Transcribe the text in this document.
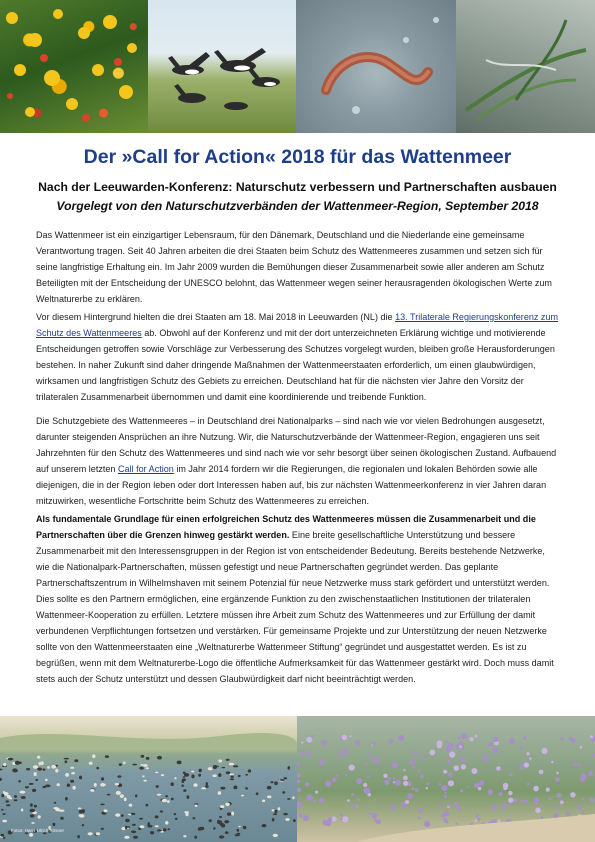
Der »Call for Action« 2018 für das Wattenmeer
Nach der Leeuwarden-Konferenz: Naturschutz verbessern und Partnerschaften ausbauen
Vorgelegt von den Naturschutzverbänden der Wattenmeer-Region, September 2018

Das Wattenmeer ist ein einzigartiger Lebensraum, für den Dänemark, Deutschland und die Niederlande eine gemeinsame Verantwortung tragen. Seit 40 Jahren arbeiten die drei Staaten beim Schutz des Wattenmeeres zusammen und setzen sich für seine langfristige Erhaltung ein. Im Jahr 2009 wurden die Bemühungen dieser Zusammenarbeit sowie aller anderen am Schutz Beteiligten mit der Entscheidung der UNESCO belohnt, das Wattenmeer wegen seiner herausragenden ökologischen Werte zum Weltnaturerbe zu erklären.

Vor diesem Hintergrund hielten die drei Staaten am 18. Mai 2018 in Leeuwarden (NL) die 13. Trilaterale Regierungskonferenz zum Schutz des Wattenmeeres ab. Obwohl auf der Konferenz und mit der dort unterzeichneten Erklärung wichtige und motivierende Entscheidungen getroffen sowie Vorschläge zur Verbesserung des Schutzes vorgelegt wurden, bleiben große Herausforderungen bestehen. In naher Zukunft sind daher dringende Maßnahmen der Wattenmeerstaaten erforderlich, um einen glaubwürdigen, wirksamen und langfristigen Schutz des Gebiets zu erreichen. Deutschland hat für die nächsten vier Jahre den Vorsitz der trilateralen Zusammenarbeit übernommen und damit eine koordinierende und treibende Funktion.

Die Schutzgebiete des Wattenmeeres – in Deutschland drei Nationalparks – sind nach wie vor vielen Bedrohungen ausgesetzt, darunter steigenden Ansprüchen an ihre Nutzung. Wir, die Naturschutzverbände der Wattenmeer-Region, engagieren uns seit Jahrzehnten für den Schutz des Wattenmeeres und sind nach wie vor sehr besorgt über seinen ökologischen Zustand. Aufbauend auf unserem letzten Call for Action im Jahr 2014 fordern wir die Regierungen, die regionalen und lokalen Behörden sowie alle diejenigen, die in der Region leben oder dort Interessen haben auf, bis zur nächsten Wattenmeerkonferenz in vier Jahren daran mitzuwirken, wesentliche Fortschritte beim Schutz des Wattenmeeres zu erreichen.

Als fundamentale Grundlage für einen erfolgreichen Schutz des Wattenmeeres müssen die Zusammenarbeit und die Partnerschaften über die Grenzen hinweg gestärkt werden. Eine breite gesellschaftliche Unterstützung und bessere Zusammenarbeit mit den Interessensgruppen in der Region ist von entscheidender Bedeutung. Bereits bestehende Netzwerke, wie die Nationalpark-Partnerschaften, müssen gefestigt und neue Partnerschaften gegründet werden. Das geplante Partnerschaftszentrum in Wilhelmshaven mit seinem Potenzial für neue Netzwerke muss stark gefördert und unterstützt werden. Dies sollte es den Partnern ermöglichen, eine ergänzende Funktion zu den zwischenstaatlichen Institutionen der trilateralen Wattenmeer-Kooperation zu erfüllen. Letztere müssen ihre Arbeit zum Schutz des Wattenmeeres und zur Erfüllung der damit verbundenen Verpflichtungen fortsetzen und verstärken. Für gemeinsame Projekte und zur Unterstützung der neuen Netzwerke sollte von den Wattenmeerstaaten eine „Weltnaturerbe Wattenmeer Stiftung“ gegründet und ausgestattet werden. Es ist zu begrüßen, wenn mit dem Weltnaturerbe-Logo die öffentliche Aufmerksamkeit für das Wattenmeer gestärkt wird. Doch muss damit stets auch der Schutz unterstützt und dessen Glaubwürdigkeit darf nicht beeinträchtigt werden.

Fotos: Hans-Ulrich Rösner
